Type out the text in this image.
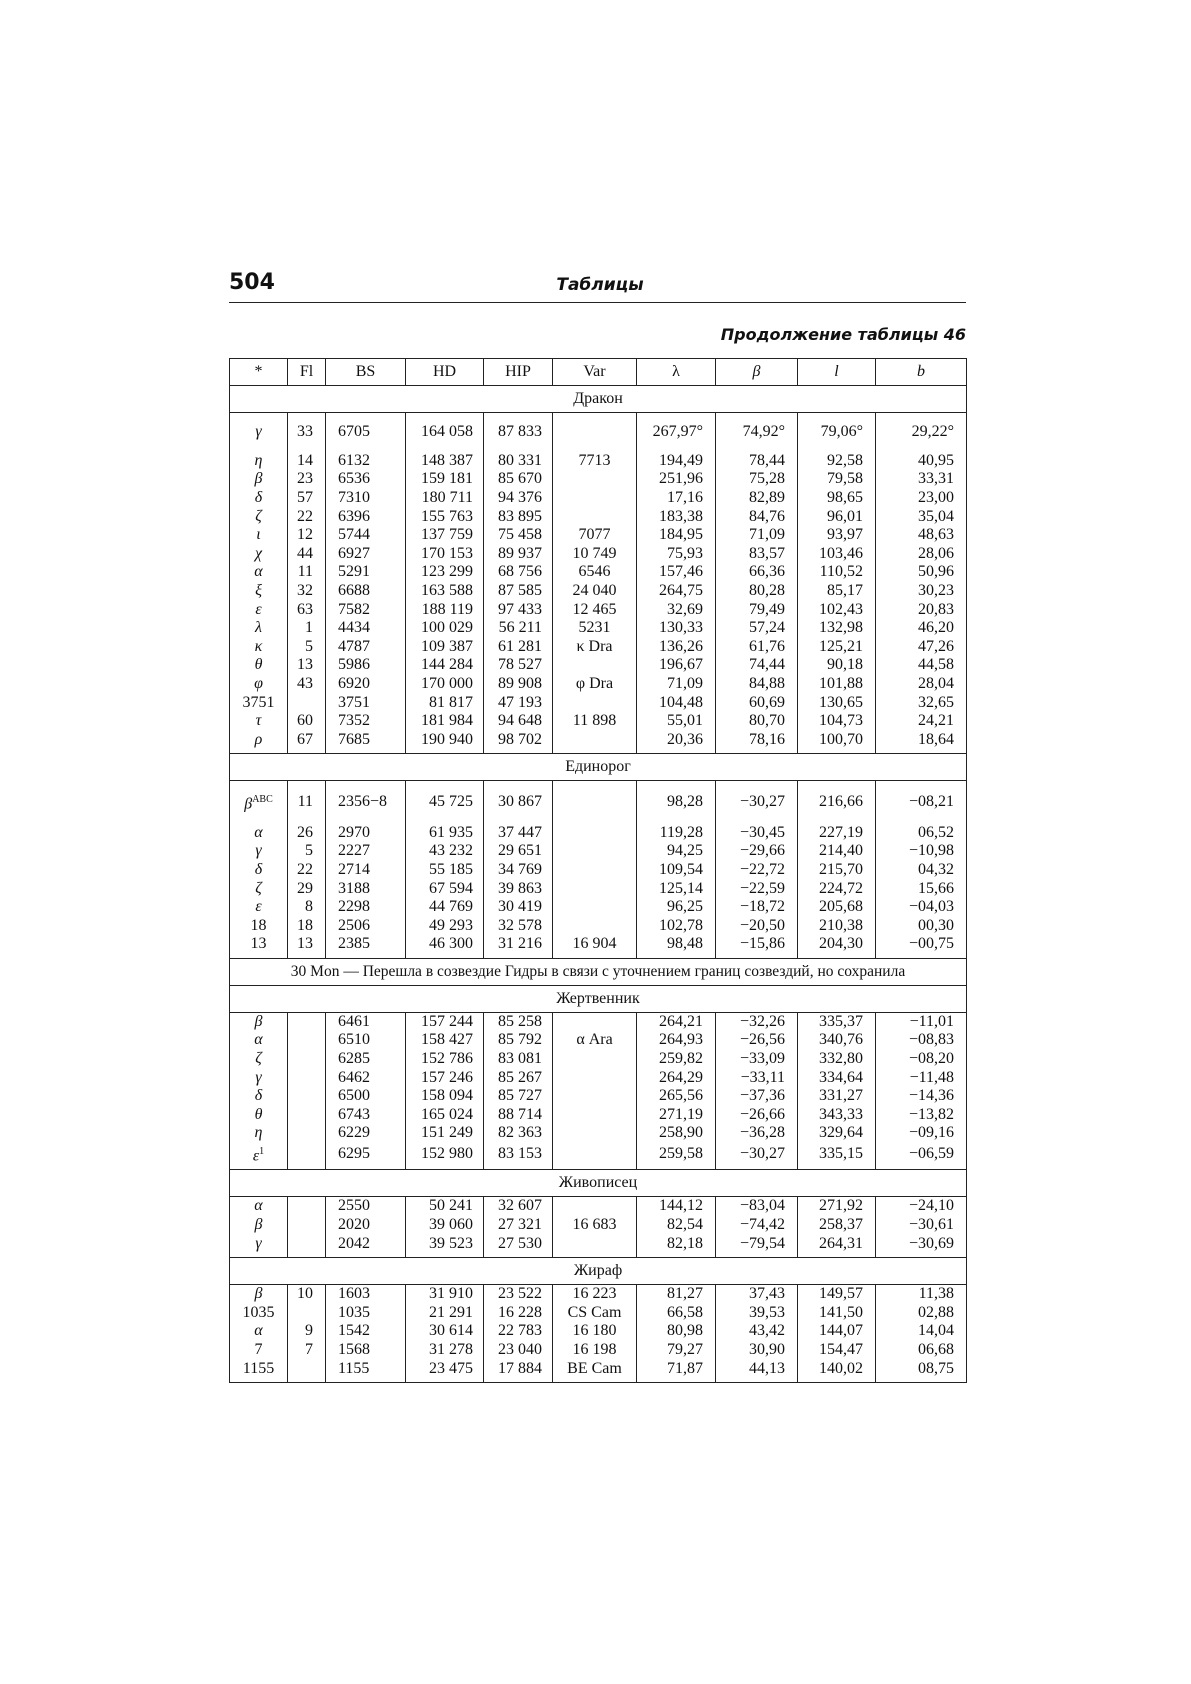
504	Таблицы
Продолжение таблицы 46
*	Fl	BS	HD	HIP	Var	λ	β	l	b
Дракон									
γ	33	6705	164 058	87 833		267,97°	74,92°	79,06°	29,22°
η	14	6132	148 387	80 331	7713	194,49	78,44	92,58	40,95
β	23	6536	159 181	85 670		251,96	75,28	79,58	33,31
δ	57	7310	180 711	94 376		17,16	82,89	98,65	23,00
ζ	22	6396	155 763	83 895		183,38	84,76	96,01	35,04
ι	12	5744	137 759	75 458	7077	184,95	71,09	93,97	48,63
χ	44	6927	170 153	89 937	10 749	75,93	83,57	103,46	28,06
α	11	5291	123 299	68 756	6546	157,46	66,36	110,52	50,96
ξ	32	6688	163 588	87 585	24 040	264,75	80,28	85,17	30,23
ε	63	7582	188 119	97 433	12 465	32,69	79,49	102,43	20,83
λ	1	4434	100 029	56 211	5231	130,33	57,24	132,98	46,20
κ	5	4787	109 387	61 281	κ Dra	136,26	61,76	125,21	47,26
θ	13	5986	144 284	78 527		196,67	74,44	90,18	44,58
φ	43	6920	170 000	89 908	φ Dra	71,09	84,88	101,88	28,04
3751		3751	81 817	47 193		104,48	60,69	130,65	32,65
τ	60	7352	181 984	94 648	11 898	55,01	80,70	104,73	24,21
ρ	67	7685	190 940	98 702		20,36	78,16	100,70	18,64
Единорог									
$\beta^{ABC}$	11	2356−8	45 725	30 867		98,28	−30,27	216,66	−08,21
α	26	2970	61 935	37 447		119,28	−30,45	227,19	06,52
γ	5	2227	43 232	29 651		94,25	−29,66	214,40	−10,98
δ	22	2714	55 185	34 769		109,54	−22,72	215,70	04,32
ζ	29	3188	67 594	39 863		125,14	−22,59	224,72	15,66
ε	8	2298	44 769	30 419		96,25	−18,72	205,68	−04,03
18	18	2506	49 293	32 578		102,78	−20,50	210,38	00,30
13	13	2385	46 300	31 216	16 904	98,48	−15,86	204,30	−00,75
30 Mon — Перешла в созвездие Гидры в связи с уточнением границ созвездий, но сохранила									
Жертвенник									
β		6461	157 244	85 258		264,21	−32,26	335,37	−11,01
α		6510	158 427	85 792	α Ara	264,93	−26,56	340,76	−08,83
ζ		6285	152 786	83 081		259,82	−33,09	332,80	−08,20
γ		6462	157 246	85 267		264,29	−33,11	334,64	−11,48
δ		6500	158 094	85 727		265,56	−37,36	331,27	−14,36
θ		6743	165 024	88 714		271,19	−26,66	343,33	−13,82
η		6229	151 249	82 363		258,90	−36,28	329,64	−09,16
$\varepsilon^1$		6295	152 980	83 153		259,58	−30,27	335,15	−06,59
Живописец									
α		2550	50 241	32 607		144,12	−83,04	271,92	−24,10
β		2020	39 060	27 321	16 683	82,54	−74,42	258,37	−30,61
γ		2042	39 523	27 530		82,18	−79,54	264,31	−30,69
Жираф									
β	10	1603	31 910	23 522	16 223	81,27	37,43	149,57	11,38
1035		1035	21 291	16 228	CS Cam	66,58	39,53	141,50	02,88
α	9	1542	30 614	22 783	16 180	80,98	43,42	144,07	14,04
7	7	1568	31 278	23 040	16 198	79,27	30,90	154,47	06,68
1155		1155	23 475	17 884	BE Cam	71,87	44,13	140,02	08,75
